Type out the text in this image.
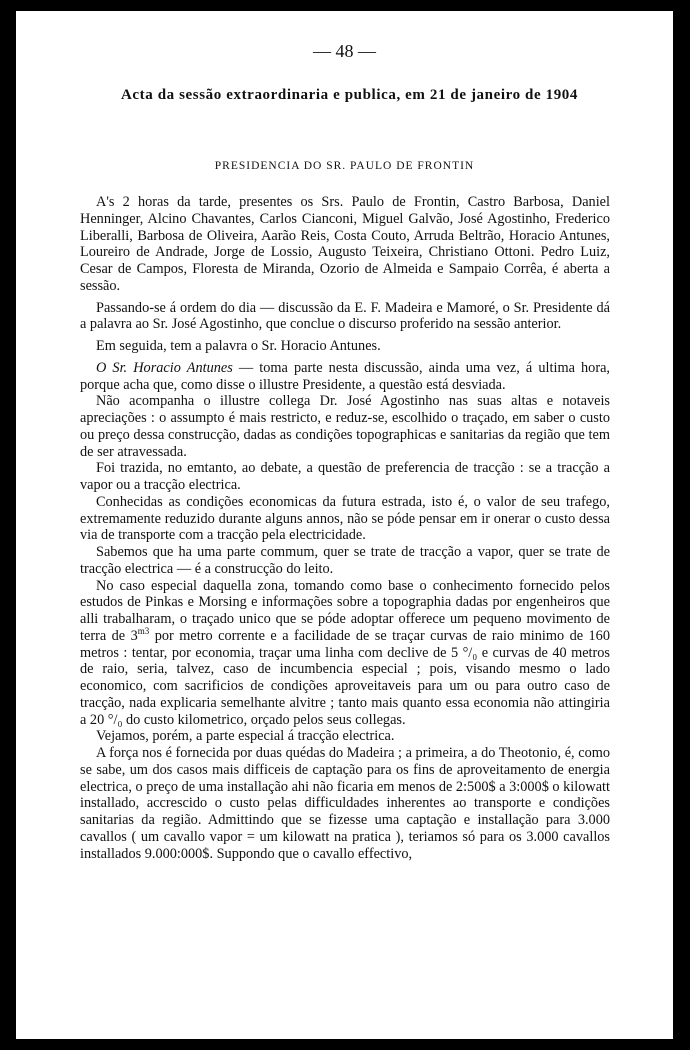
— 48 —
Acta da sessão extraordinaria e publica, em 21 de janeiro de 1904
PRESIDENCIA DO SR. PAULO DE FRONTIN

A's 2 horas da tarde, presentes os Srs. Paulo de Frontin, Castro Barbosa, Daniel Henninger, Alcino Chavantes, Carlos Cianconi, Miguel Galvão, José Agostinho, Frederico Liberalli, Barbosa de Oliveira, Aarão Reis, Costa Couto, Arruda Beltrão, Horacio Antunes, Loureiro de Andrade, Jorge de Lossio, Augusto Teixeira, Christiano Ottoni. Pedro Luiz, Cesar de Campos, Floresta de Miranda, Ozorio de Almeida e Sampaio Corrêa, é aberta a sessão.

Passando-se á ordem do dia — discussão da E. F. Madeira e Mamoré, o Sr. Presidente dá a palavra ao Sr. José Agostinho, que conclue o discurso proferido na sessão anterior.

Em seguida, tem a palavra o Sr. Horacio Antunes.

O Sr. Horacio Antunes — toma parte nesta discussão, ainda uma vez, á ultima hora, porque acha que, como disse o illustre Presidente, a questão está desviada.

Não acompanha o illustre collega Dr. José Agostinho nas suas altas e notaveis apreciações : o assumpto é mais restricto, e reduz-se, escolhido o traçado, em saber o custo ou preço dessa construcção, dadas as condições topographicas e sanitarias da região que tem de ser atravessada.

Foi trazida, no emtanto, ao debate, a questão de preferencia de tracção : se a tracção a vapor ou a tracção electrica.

Conhecidas as condições economicas da futura estrada, isto é, o valor de seu trafego, extremamente reduzido durante alguns annos, não se póde pensar em ir onerar o custo dessa via de transporte com a tracção pela electricidade.

Sabemos que ha uma parte commum, quer se trate de tracção a vapor, quer se trate de tracção electrica — é a construcção do leito.

No caso especial daquella zona, tomando como base o conhecimento fornecido pelos estudos de Pinkas e Morsing e informações sobre a topographia dadas por engenheiros que alli trabalharam, o traçado unico que se póde adoptar offerece um pequeno movimento de terra de $3^{m3}$ por metro corrente e a facilidade de se traçar curvas de raio minimo de 160 metros : tentar, por economia, traçar uma linha com declive de 5 °/₀ e curvas de 40 metros de raio, seria, talvez, caso de incumbencia especial ; pois, visando mesmo o lado economico, com sacrificios de condições aproveitaveis para um ou para outro caso de tracção, nada explicaria semelhante alvitre ; tanto mais quanto essa economia não attingiria a 20 °/₀ do custo kilometrico, orçado pelos seus collegas.

Vejamos, porém, a parte especial á tracção electrica.

A força nos é fornecida por duas quédas do Madeira ; a primeira, a do Theotonio, é, como se sabe, um dos casos mais difficeis de captação para os fins de aproveitamento de energia electrica, o preço de uma installação ahi não ficaria em menos de 2:500$ a 3:000$ o kilowatt installado, accrescido o custo pelas difficuldades inherentes ao transporte e condições sanitarias da região. Admittindo que se fizesse uma captação e installação para 3.000 cavallos ( um cavallo vapor = um kilowatt na pratica ), teriamos só para os 3.000 cavallos installados 9.000:000$. Suppondo que o cavallo effectivo,
